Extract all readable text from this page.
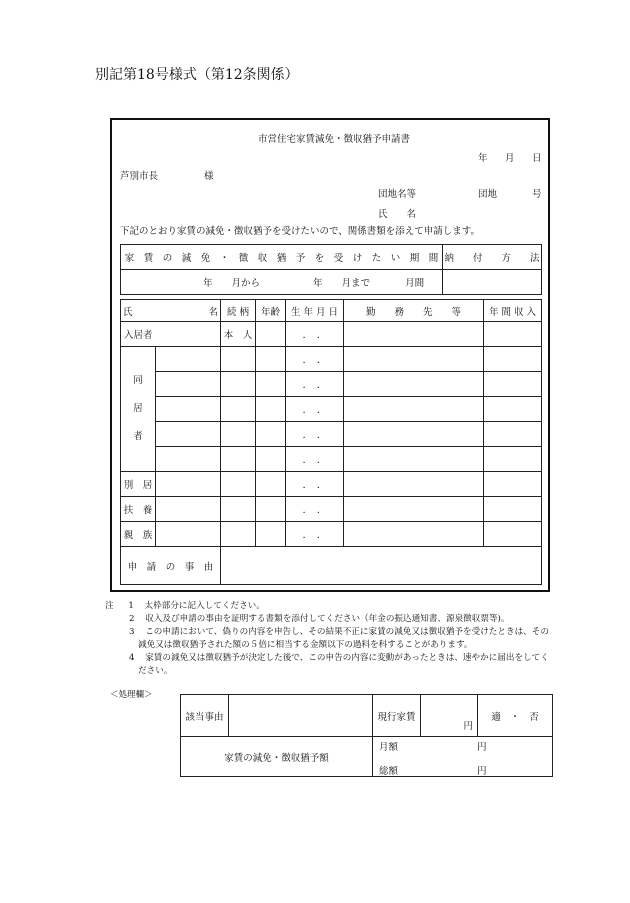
別記第18号様式（第12条関係）
市営住宅家賃減免・徴収猶予申請書
年 月 日
芦別市長	様
団地名等	団地	号
氏　　名
下記のとおり家賃の減免・徴収猶予を受けたいので、関係書類を添えて申請します。
家　賃　の　減　免　・　徴　収　猶　予　を　受　け　た　い　期　間	納　　付　　方　　法
年　　月から 年　　月まで 月間	
氏　　　　　　　　名		続 柄	年齢	生 年 月 日	勤　　務　　先　　等	年 間 収 入
入居者		本　人		．　．		

同
居
者				．　．		
				．　．		
				．　．		
				．　．		
				．　．		
別　居				．　．		
扶　養				．　．		
親　族				．　．		
申　請　の　事　由						
注 1 太枠部分に記入してください。
2 収入及び申請の事由を証明する書類を添付してください（年金の振込通知書、源泉徴収票等)。
3 この申請において、偽りの内容を申告し、その結果不正に家賃の減免又は徴収猶予を受けたときは、その
減免又は徴収猶予された額の５倍に相当する金額以下の過料を科することがあります。
4 家賃の減免又は徴収猶予が決定した後で、この申告の内容に変動があったときは、速やかに届出をしてく
ださい。
＜処理欄＞
該当事由		現行家賃	円	適　・　否
家賃の減免・徴収猶予額		月額 円
総額 円		
